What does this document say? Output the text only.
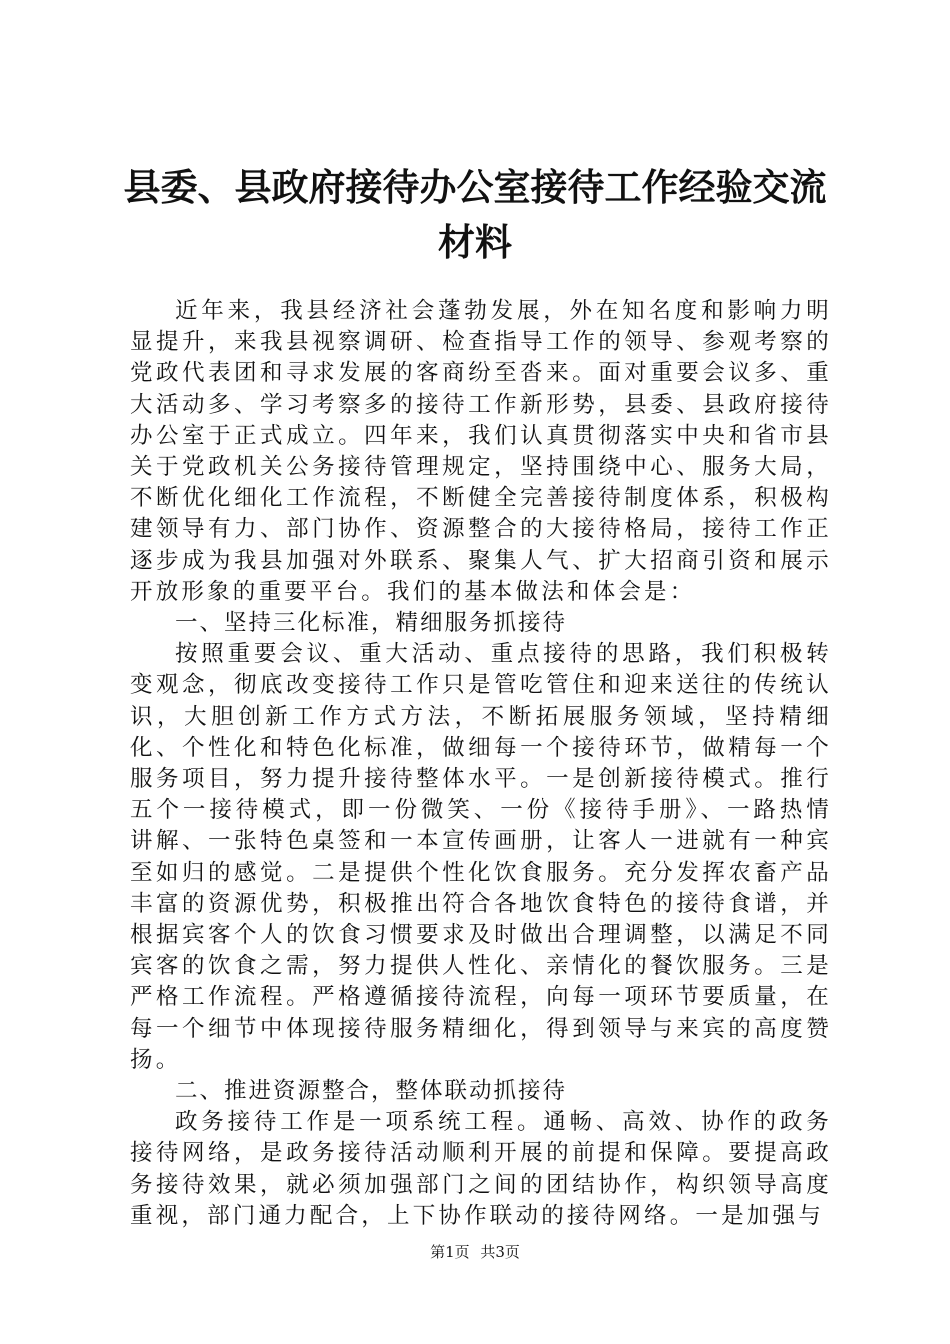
县委、县政府接待办公室接待工作经验交流材料

近年来，我县经济社会蓬勃发展，外在知名度和影响力明显提升，来我县视察调研、检查指导工作的领导、参观考察的党政代表团和寻求发展的客商纷至沓来。面对重要会议多、重大活动多、学习考察多的接待工作新形势，县委、县政府接待办公室于正式成立。四年来，我们认真贯彻落实中央和省市县关于党政机关公务接待管理规定，坚持围绕中心、服务大局，不断优化细化工作流程，不断健全完善接待制度体系，积极构建领导有力、部门协作、资源整合的大接待格局，接待工作正逐步成为我县加强对外联系、聚集人气、扩大招商引资和展示开放形象的重要平台。我们的基本做法和体会是：

一、坚持三化标准，精细服务抓接待

按照重要会议、重大活动、重点接待的思路，我们积极转变观念，彻底改变接待工作只是管吃管住和迎来送往的传统认识，大胆创新工作方式方法，不断拓展服务领域，坚持精细化、个性化和特色化标准，做细每一个接待环节，做精每一个服务项目，努力提升接待整体水平。一是创新接待模式。推行五个一接待模式，即一份微笑、一份《接待手册》、一路热情讲解、一张特色桌签和一本宣传画册，让客人一进就有一种宾至如归的感觉。二是提供个性化饮食服务。充分发挥农畜产品丰富的资源优势，积极推出符合各地饮食特色的接待食谱，并根据宾客个人的饮食习惯要求及时做出合理调整，以满足不同宾客的饮食之需，努力提供人性化、亲情化的餐饮服务。三是严格工作流程。严格遵循接待流程，向每一项环节要质量，在每一个细节中体现接待服务精细化，得到领导与来宾的高度赞扬。

二、推进资源整合，整体联动抓接待

政务接待工作是一项系统工程。通畅、高效、协作的政务接待网络，是政务接待活动顺利开展的前提和保障。要提高政务接待效果，就必须加强部门之间的团结协作，构织领导高度重视，部门通力配合，上下协作联动的接待网络。一是加强与

第1页 共3页
